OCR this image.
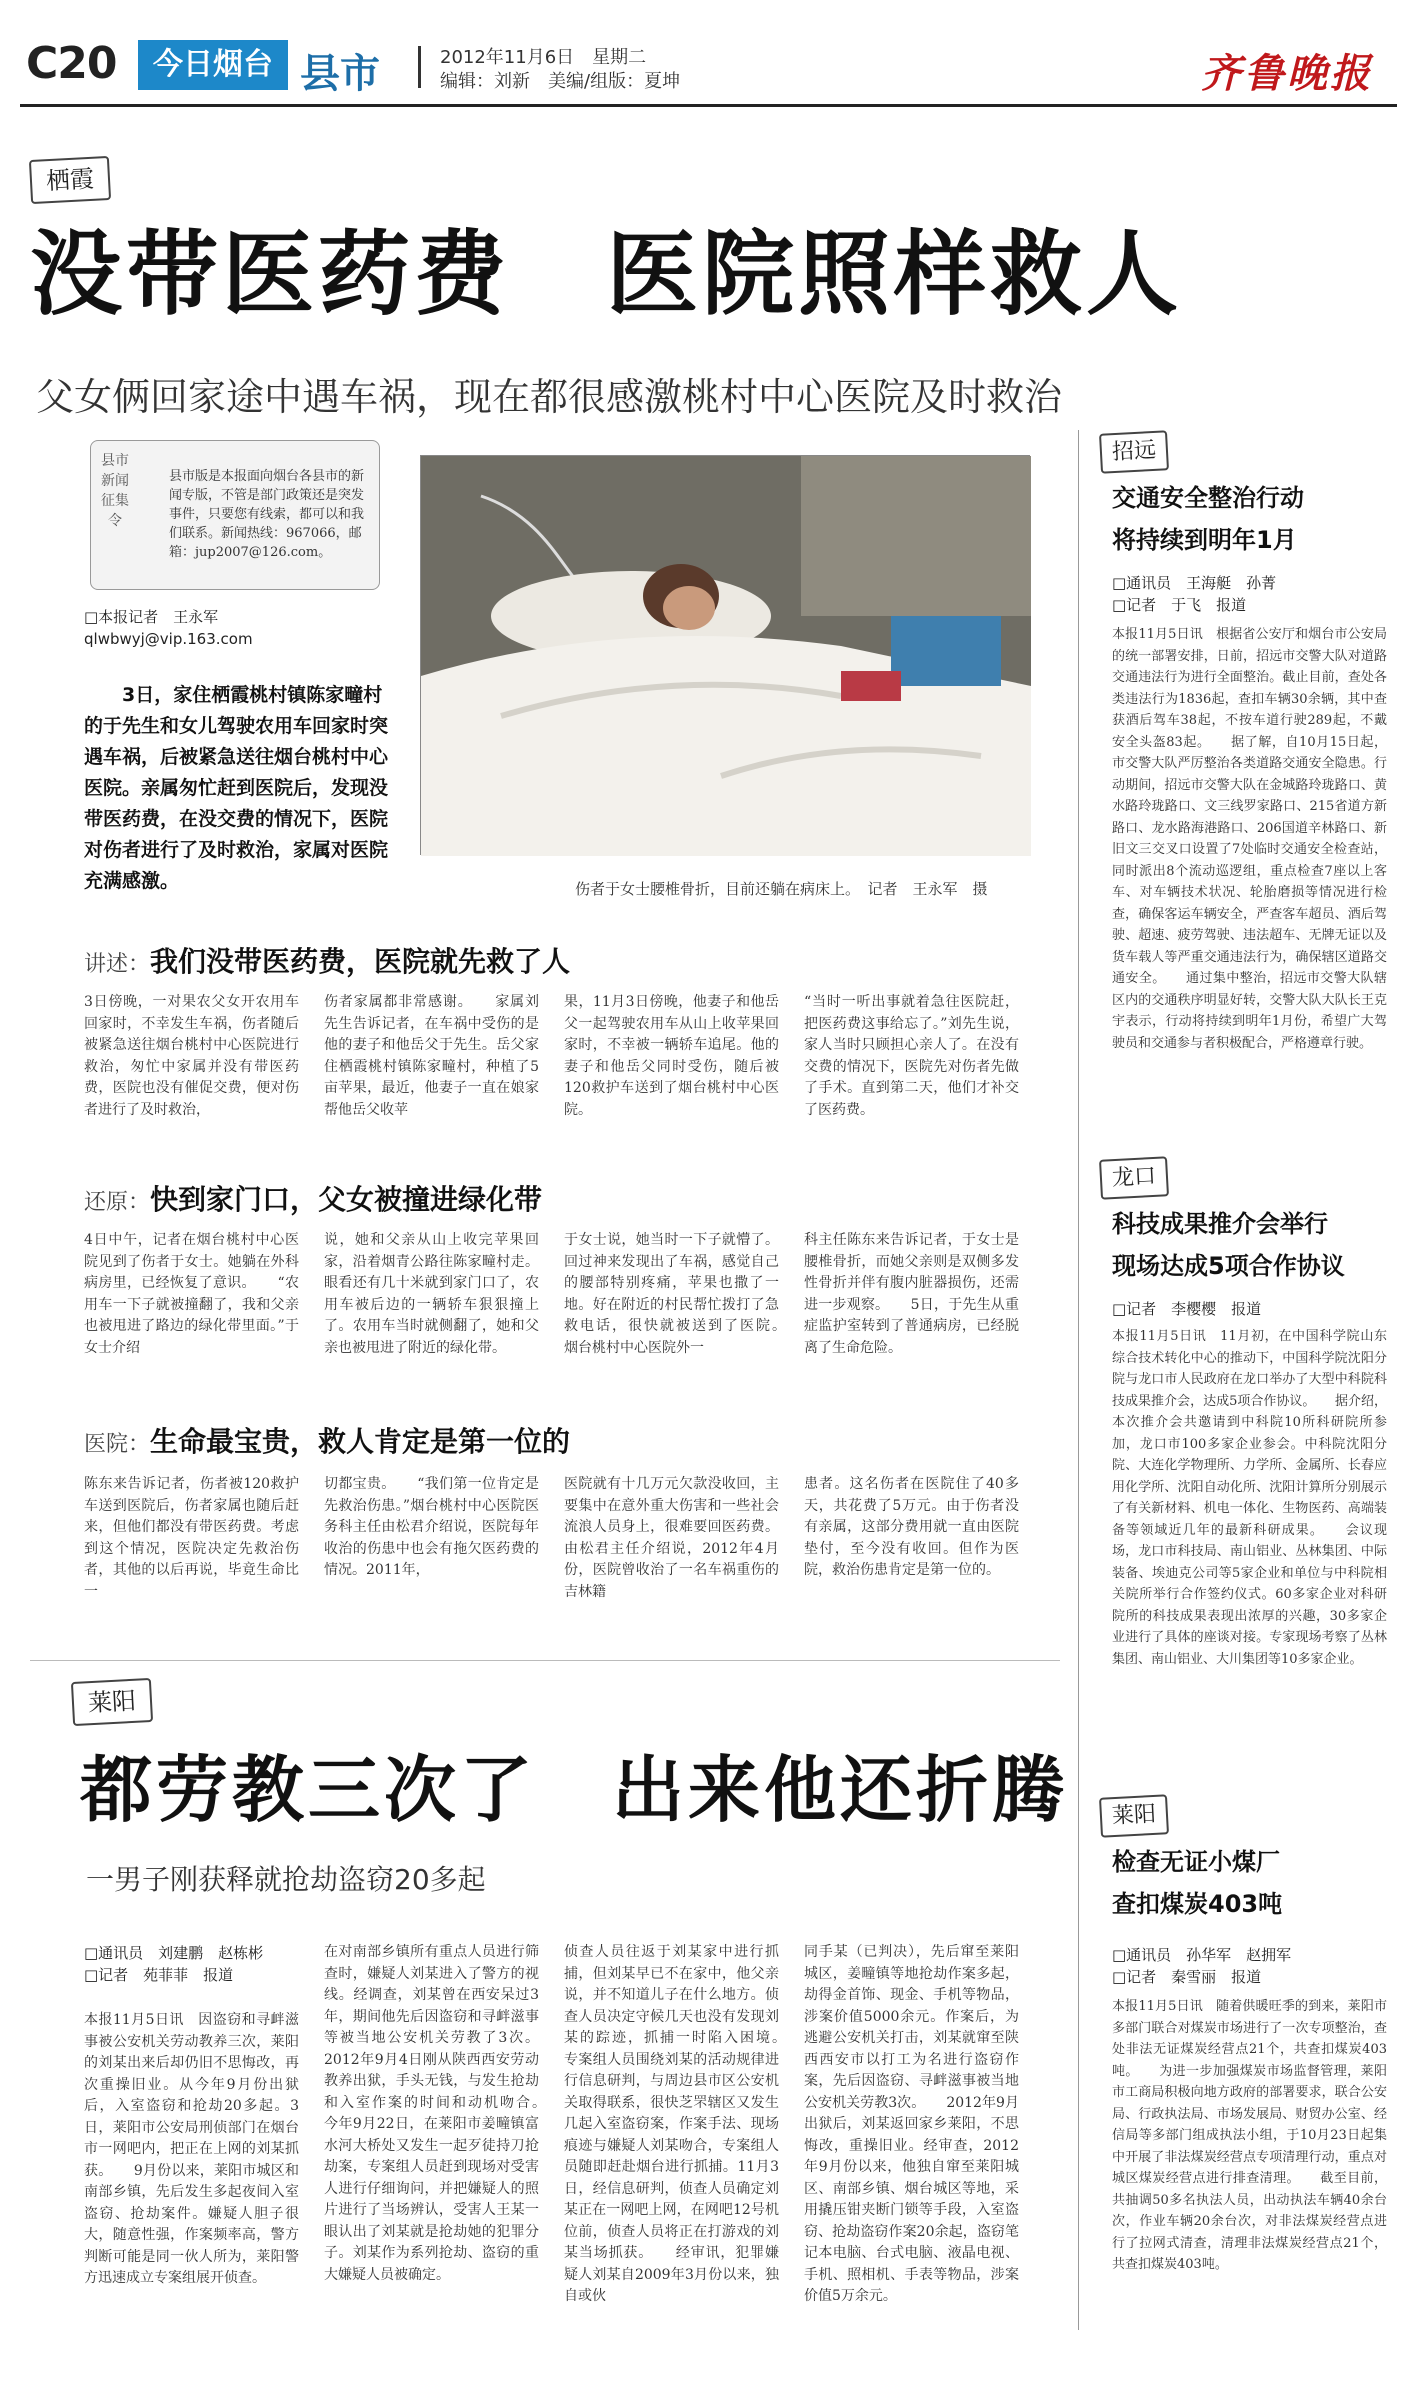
C20	今日烟台 县市	2012年11月6日　星期二
编辑：刘新　美编/组版：夏坤	齐鲁晚报
栖霞
没带医药费　医院照样救人
父女俩回家途中遇车祸，现在都很感激桃村中心医院及时救治
县市新闻征集令
县市版是本报面向烟台各县市的新闻专版，不管是部门政策还是突发事件，只要您有线索，都可以和我们联系。新闻热线：967066，邮箱：jup2007@126.com。
□本报记者　王永军
qlwbwyj@vip.163.com
3日，家住栖霞桃村镇陈家疃村的于先生和女儿驾驶农用车回家时突遇车祸，后被紧急送往烟台桃村中心医院。亲属匆忙赶到医院后，发现没带医药费，在没交费的情况下，医院对伤者进行了及时救治，家属对医院充满感激。	伤者于女士腰椎骨折，目前还躺在病床上。　记者　王永军　摄
讲述：我们没带医药费，医院就先救了人
3日傍晚，一对果农父女开农用车回家时，不幸发生车祸，伤者随后被紧急送往烟台桃村中心医院进行救治，匆忙中家属并没有带医药费，医院也没有催促交费，便对伤者进行了及时救治，
伤者家属都非常感谢。　　家属刘先生告诉记者，在车祸中受伤的是他的妻子和他岳父于先生。岳父家住栖霞桃村镇陈家疃村，种植了5亩苹果，最近，他妻子一直在娘家帮他岳父收苹
果，11月3日傍晚，他妻子和他岳父一起驾驶农用车从山上收苹果回家时，不幸被一辆轿车追尾。他的妻子和他岳父同时受伤，随后被120救护车送到了烟台桃村中心医院。
“当时一听出事就着急往医院赶，把医药费这事给忘了。”刘先生说，家人当时只顾担心亲人了。在没有交费的情况下，医院先对伤者先做了手术。直到第二天，他们才补交了医药费。
还原：快到家门口，父女被撞进绿化带
4日中午，记者在烟台桃村中心医院见到了伤者于女士。她躺在外科病房里，已经恢复了意识。　　“农用车一下子就被撞翻了，我和父亲也被甩进了路边的绿化带里面。”于女士介绍
说，她和父亲从山上收完苹果回家，沿着烟青公路往陈家疃村走。眼看还有几十米就到家门口了，农用车被后边的一辆轿车狠狠撞上了。农用车当时就侧翻了，她和父亲也被甩进了附近的绿化带。
于女士说，她当时一下子就懵了。回过神来发现出了车祸，感觉自己的腰部特别疼痛，苹果也撒了一地。好在附近的村民帮忙拨打了急救电话，很快就被送到了医院。　　烟台桃村中心医院外一
科主任陈东来告诉记者，于女士是腰椎骨折，而她父亲则是双侧多发性骨折并伴有腹内脏器损伤，还需进一步观察。　　5日，于先生从重症监护室转到了普通病房，已经脱离了生命危险。
医院：生命最宝贵，救人肯定是第一位的
陈东来告诉记者，伤者被120救护车送到医院后，伤者家属也随后赶来，但他们都没有带医药费。考虑到这个情况，医院决定先救治伤者，其他的以后再说，毕竟生命比一
切都宝贵。　　“我们第一位肯定是先救治伤患。”烟台桃村中心医院医务科主任由松君介绍说，医院每年收治的伤患中也会有拖欠医药费的情况。2011年，
医院就有十几万元欠款没收回，主要集中在意外重大伤害和一些社会流浪人员身上，很难要回医药费。由松君主任介绍说，2012年4月份，医院曾收治了一名车祸重伤的吉林籍
患者。这名伤者在医院住了40多天，共花费了5万元。由于伤者没有亲属，这部分费用就一直由医院垫付，至今没有收回。但作为医院，救治伤患肯定是第一位的。
莱阳
都劳教三次了　出来他还折腾
一男子刚获释就抢劫盗窃20多起
□通讯员　刘建鹏　赵栋彬
□记者　苑菲菲　报道
本报11月5日讯　因盗窃和寻衅滋事被公安机关劳动教养三次，莱阳的刘某出来后却仍旧不思悔改，再次重操旧业。从今年9月份出狱后，入室盗窃和抢劫20多起。3日，莱阳市公安局刑侦部门在烟台市一网吧内，把正在上网的刘某抓获。　　9月份以来，莱阳市城区和南部乡镇，先后发生多起夜间入室盗窃、抢劫案件。嫌疑人胆子很大，随意性强，作案频率高，警方判断可能是同一伙人所为，莱阳警方迅速成立专案组展开侦查。
在对南部乡镇所有重点人员进行筛查时，嫌疑人刘某进入了警方的视线。经调查，刘某曾在西安呆过3年，期间他先后因盗窃和寻衅滋事等被当地公安机关劳教了3次。2012年9月4日刚从陕西西安劳动教养出狱，手头无钱，与发生抢劫和入室作案的时间和动机吻合。　　今年9月22日，在莱阳市姜疃镇富水河大桥处又发生一起歹徒持刀抢劫案，专案组人员赶到现场对受害人进行仔细询问，并把嫌疑人的照片进行了当场辨认，受害人王某一眼认出了刘某就是抢劫她的犯罪分子。刘某作为系列抢劫、盗窃的重大嫌疑人员被确定。
侦查人员往返于刘某家中进行抓捕，但刘某早已不在家中，他父亲说，并不知道儿子在什么地方。侦查人员决定守候几天也没有发现刘某的踪迹，抓捕一时陷入困境。　　专案组人员围绕刘某的活动规律进行信息研判，与周边县市区公安机关取得联系，很快芝罘辖区又发生几起入室盗窃案，作案手法、现场痕迹与嫌疑人刘某吻合，专案组人员随即赶赴烟台进行抓捕。11月3日，经信息研判，侦查人员确定刘某正在一网吧上网，在网吧12号机位前，侦查人员将正在打游戏的刘某当场抓获。　　经审讯，犯罪嫌疑人刘某自2009年3月份以来，独自或伙
同手某（已判决），先后窜至莱阳城区，姜疃镇等地抢劫作案多起，劫得金首饰、现金、手机等物品，涉案价值5000余元。作案后，为逃避公安机关打击，刘某就窜至陕西西安市以打工为名进行盗窃作案，先后因盗窃、寻衅滋事被当地公安机关劳教3次。　　2012年9月出狱后，刘某返回家乡莱阳，不思悔改，重操旧业。经审查，2012年9月份以来，他独自窜至莱阳城区、南部乡镇、烟台城区等地，采用撬压钳夹断门锁等手段，入室盗窃、抢劫盗窃作案20余起，盗窃笔记本电脑、台式电脑、液晶电视、手机、照相机、手表等物品，涉案价值5万余元。
招远
交通安全整治行动
将持续到明年1月
□通讯员　王海艇　孙菁
□记者　于飞　报道
本报11月5日讯　根据省公安厅和烟台市公安局的统一部署安排，日前，招远市交警大队对道路交通违法行为进行全面整治。截止目前，查处各类违法行为1836起，查扣车辆30余辆，其中查获酒后驾车38起，不按车道行驶289起，不戴安全头盔83起。　　据了解，自10月15日起，市交警大队严厉整治各类道路交通安全隐患。行动期间，招远市交警大队在金城路玲珑路口、黄水路玲珑路口、文三线罗家路口、215省道方新路口、龙水路海港路口、206国道辛林路口、新旧文三交叉口设置了7处临时交通安全检查站，同时派出8个流动巡逻组，重点检查7座以上客车、对车辆技术状况、轮胎磨损等情况进行检查，确保客运车辆安全，严查客车超员、酒后驾驶、超速、疲劳驾驶、违法超车、无牌无证以及货车载人等严重交通违法行为，确保辖区道路交通安全。　　通过集中整治，招远市交警大队辖区内的交通秩序明显好转，交警大队大队长王克宇表示，行动将持续到明年1月份，希望广大驾驶员和交通参与者积极配合，严格遵章行驶。
龙口
科技成果推介会举行
现场达成5项合作协议
□记者　李樱樱　报道
本报11月5日讯　11月初，在中国科学院山东综合技术转化中心的推动下，中国科学院沈阳分院与龙口市人民政府在龙口举办了大型中科院科技成果推介会，达成5项合作协议。　　据介绍，本次推介会共邀请到中科院10所科研院所参加，龙口市100多家企业参会。中科院沈阳分院、大连化学物理所、力学所、金属所、长春应用化学所、沈阳自动化所、沈阳计算所分别展示了有关新材料、机电一体化、生物医药、高端装备等领域近几年的最新科研成果。　　会议现场，龙口市科技局、南山铝业、丛林集团、中际装备、埃迪克公司等5家企业和单位与中科院相关院所举行合作签约仪式。60多家企业对科研院所的科技成果表现出浓厚的兴趣，30多家企业进行了具体的座谈对接。专家现场考察了丛林集团、南山铝业、大川集团等10多家企业。
莱阳
检查无证小煤厂
查扣煤炭403吨
□通讯员　孙华军　赵拥军
□记者　秦雪丽　报道
本报11月5日讯　随着供暖旺季的到来，莱阳市多部门联合对煤炭市场进行了一次专项整治，查处非法无证煤炭经营点21个，共查扣煤炭403吨。　　为进一步加强煤炭市场监督管理，莱阳市工商局积极向地方政府的部署要求，联合公安局、行政执法局、市场发展局、财贸办公室、经信局等多部门组成执法小组，于10月23日起集中开展了非法煤炭经营点专项清理行动，重点对城区煤炭经营点进行排查清理。　　截至目前，共抽调50多名执法人员，出动执法车辆40余台次，作业车辆20余台次，对非法煤炭经营点进行了拉网式清查，清理非法煤炭经营点21个，共查扣煤炭403吨。
